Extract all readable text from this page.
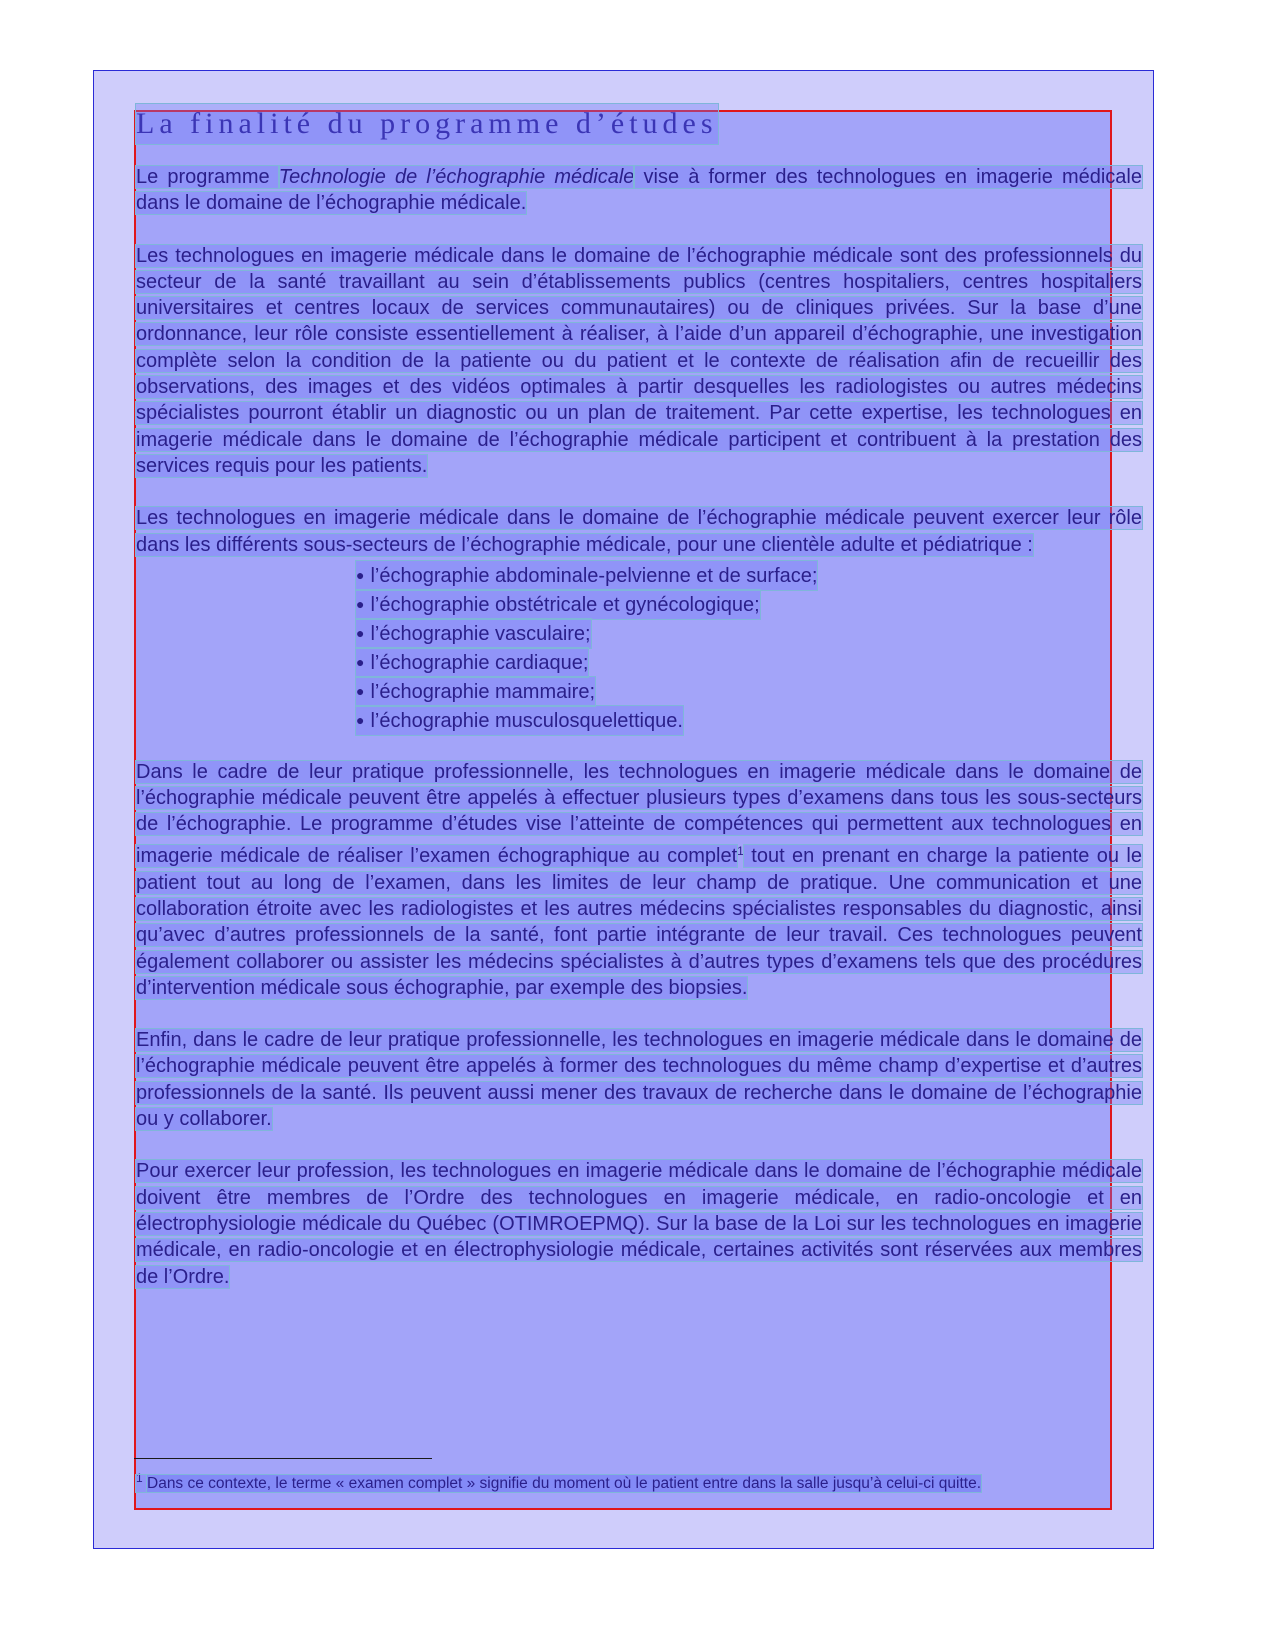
La finalité du programme d’études

Le programme Technologie de l’échographie médicale vise à former des technologues en imagerie médicale dans le domaine de l’échographie médicale.

Les technologues en imagerie médicale dans le domaine de l’échographie médicale sont des professionnels du secteur de la santé travaillant au sein d’établissements publics (centres hospitaliers, centres hospitaliers universitaires et centres locaux de services communautaires) ou de cliniques privées. Sur la base d’une ordonnance, leur rôle consiste essentiellement à réaliser, à l’aide d’un appareil d’échographie, une investigation complète selon la condition de la patiente ou du patient et le contexte de réalisation afin de recueillir des observations, des images et des vidéos optimales à partir desquelles les radiologistes ou autres médecins spécialistes pourront établir un diagnostic ou un plan de traitement. Par cette expertise, les technologues en imagerie médicale dans le domaine de l’échographie médicale participent et contribuent à la prestation des services requis pour les patients.

Les technologues en imagerie médicale dans le domaine de l’échographie médicale peuvent exercer leur rôle dans les différents sous-secteurs de l’échographie médicale, pour une clientèle adulte et pédiatrique :

● l’échographie abdominale-pelvienne et de surface;
● l’échographie obstétricale et gynécologique;
● l’échographie vasculaire;
● l’échographie cardiaque;
● l’échographie mammaire;
● l’échographie musculosquelettique.

Dans le cadre de leur pratique professionnelle, les technologues en imagerie médicale dans le domaine de l’échographie médicale peuvent être appelés à effectuer plusieurs types d’examens dans tous les sous-secteurs de l’échographie. Le programme d’études vise l’atteinte de compétences qui permettent aux technologues en imagerie médicale de réaliser l’examen échographique au complet$^1$ tout en prenant en charge la patiente ou le patient tout au long de l’examen, dans les limites de leur champ de pratique. Une communication et une collaboration étroite avec les radiologistes et les autres médecins spécialistes responsables du diagnostic, ainsi qu’avec d’autres professionnels de la santé, font partie intégrante de leur travail. Ces technologues peuvent également collaborer ou assister les médecins spécialistes à d’autres types d’examens tels que des procédures d’intervention médicale sous échographie, par exemple des biopsies.

Enfin, dans le cadre de leur pratique professionnelle, les technologues en imagerie médicale dans le domaine de l’échographie médicale peuvent être appelés à former des technologues du même champ d’expertise et d’autres professionnels de la santé. Ils peuvent aussi mener des travaux de recherche dans le domaine de l’échographie ou y collaborer.

Pour exercer leur profession, les technologues en imagerie médicale dans le domaine de l’échographie médicale doivent être membres de l’Ordre des technologues en imagerie médicale, en radio-oncologie et en électrophysiologie médicale du Québec (OTIMROEPMQ). Sur la base de la Loi sur les technologues en imagerie médicale, en radio-oncologie et en électrophysiologie médicale, certaines activités sont réservées aux membres de l’Ordre.

$^1$ Dans ce contexte, le terme « examen complet » signifie du moment où le patient entre dans la salle jusqu’à celui-ci quitte.
